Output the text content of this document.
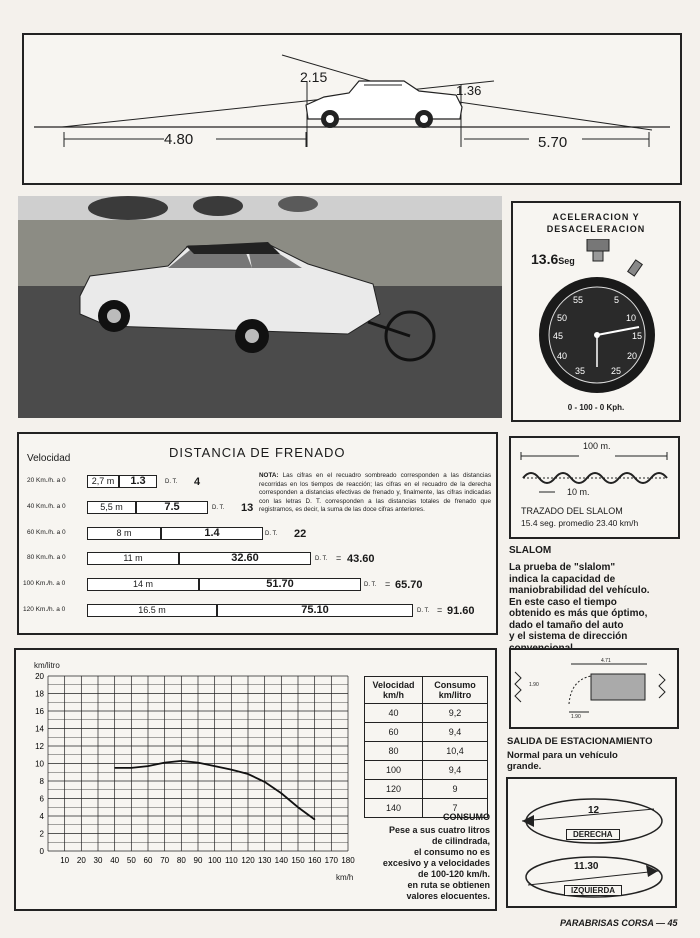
2.15
1.36
4.80	5.70
ACELERACION Y
DESACELERACION
13.6Seg
55	5
50	10
45	15
40	20
35	25
0 - 100 - 0 Kph.
Velocidad	DISTANCIA DE FRENADO
NOTA: Las cifras en el recuadro sombreado corresponden a las distancias recorridas en los tiempos de reacción; las cifras en el recuadro de la derecha corresponden a distancias efectivas de frenado y, finalmente, las cifras indicadas con las letras D. T. corresponden a las distancias totales de frenado que registramos, es decir, la suma de las doce cifras anteriores.
20 Km./h. a 0	2,7 m	1.3	D. T. 4
40 Km./h. a 0	5,5 m	7.5	D. T. 13
60 Km./h. a 0	8 m	1.4	D. T. 22
80 Km./h. a 0	11 m	32.60	D. T. = 43.60
100 Km./h. a 0	14 m	51.70	D. T. = 65.70
120 Km./h. a 0	16.5 m	75.10	D. T. = 91.60
100 m.
10 m.
TRAZADO DEL SLALOM
15.4 seg. promedio 23.40 km/h
SLALOM
La prueba de "slalom"
indica la capacidad de
maniobrabilidad del vehículo.
En este caso el tiempo
obtenido es más que óptimo,
dado el tamaño del auto
y el sistema de dirección
4.71
1.90
1.90
SALIDA DE ESTACIONAMIENTO
Normal para un vehículo
grande.
12
DERECHA
11.30
IZQUIERDA
km/litro
10 20 30 40 50 60 70 80 90 100 110 120 130 140 150 160 170 180
0
2
4
6
8
10
12
14
16
18
20
km/h
Velocidad km/h	Consumo km/litro
40	9,2
60	9,4
80	10,4
100	9,4
120	9
140	7
CONSUMO
Pese a sus cuatro litros
de cilindrada,
el consumo no es
excesivo y a velocidades
de 100-120 km/h.
en ruta se obtienen
valores elocuentes.
PARABRISAS CORSA — 45
